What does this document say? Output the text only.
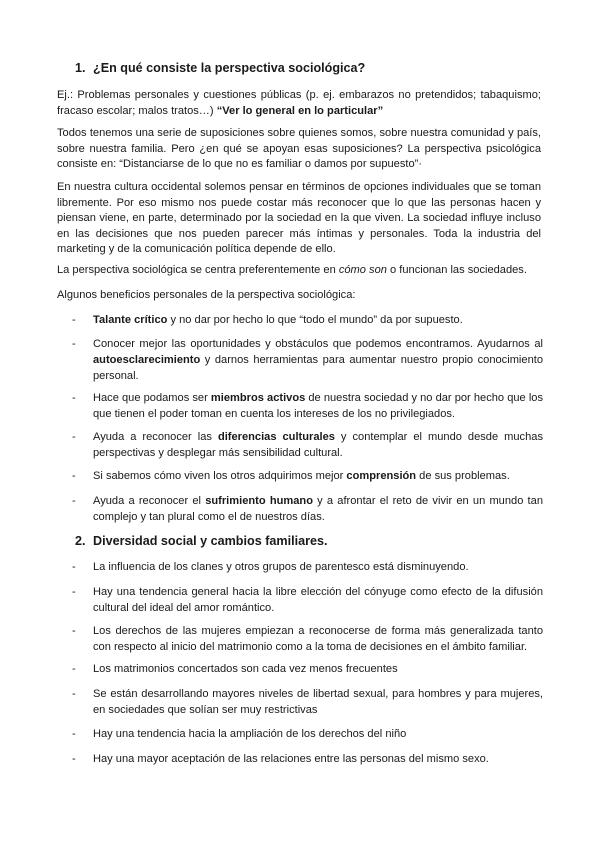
1. ¿En qué consiste la perspectiva sociológica?

Ej.: Problemas personales y cuestiones públicas (p. ej. embarazos no pretendidos; tabaquismo; fracaso escolar; malos tratos…) “Ver lo general en lo particular”

Todos tenemos una serie de suposiciones sobre quienes somos, sobre nuestra comunidad y país, sobre nuestra familia. Pero ¿en qué se apoyan esas suposiciones? La perspectiva psicológica consiste en: “Distanciarse de lo que no es familiar o damos por supuesto”·

En nuestra cultura occidental solemos pensar en términos de opciones individuales que se toman libremente. Por eso mismo nos puede costar más reconocer que lo que las personas hacen y piensan viene, en parte, determinado por la sociedad en la que viven. La sociedad influye incluso en las decisiones que nos pueden parecer más íntimas y personales. Toda la industria del marketing y de la comunicación política depende de ello.

La perspectiva sociológica se centra preferentemente en cómo son o funcionan las sociedades.

Algunos beneficios personales de la perspectiva sociológica:

- Talante crítico y no dar por hecho lo que “todo el mundo” da por supuesto.
- Conocer mejor las oportunidades y obstáculos que podemos encontramos. Ayudarnos al autoesclarecimiento y darnos herramientas para aumentar nuestro propio conocimiento personal.
- Hace que podamos ser miembros activos de nuestra sociedad y no dar por hecho que los que tienen el poder toman en cuenta los intereses de los no privilegiados.
- Ayuda a reconocer las diferencias culturales y contemplar el mundo desde muchas perspectivas y desplegar más sensibilidad cultural.
- Si sabemos cómo viven los otros adquirimos mejor comprensión de sus problemas.
- Ayuda a reconocer el sufrimiento humano y a afrontar el reto de vivir en un mundo tan complejo y tan plural como el de nuestros días.
2. Diversidad social y cambios familiares.
- La influencia de los clanes y otros grupos de parentesco está disminuyendo.
- Hay una tendencia general hacia la libre elección del cónyuge como efecto de la difusión cultural del ideal del amor romántico.
- Los derechos de las mujeres empiezan a reconocerse de forma más generalizada tanto con respecto al inicio del matrimonio como a la toma de decisiones en el ámbito familiar.
- Los matrimonios concertados son cada vez menos frecuentes
- Se están desarrollando mayores niveles de libertad sexual, para hombres y para mujeres, en sociedades que solían ser muy restrictivas
- Hay una tendencia hacia la ampliación de los derechos del niño
- Hay una mayor aceptación de las relaciones entre las personas del mismo sexo.
